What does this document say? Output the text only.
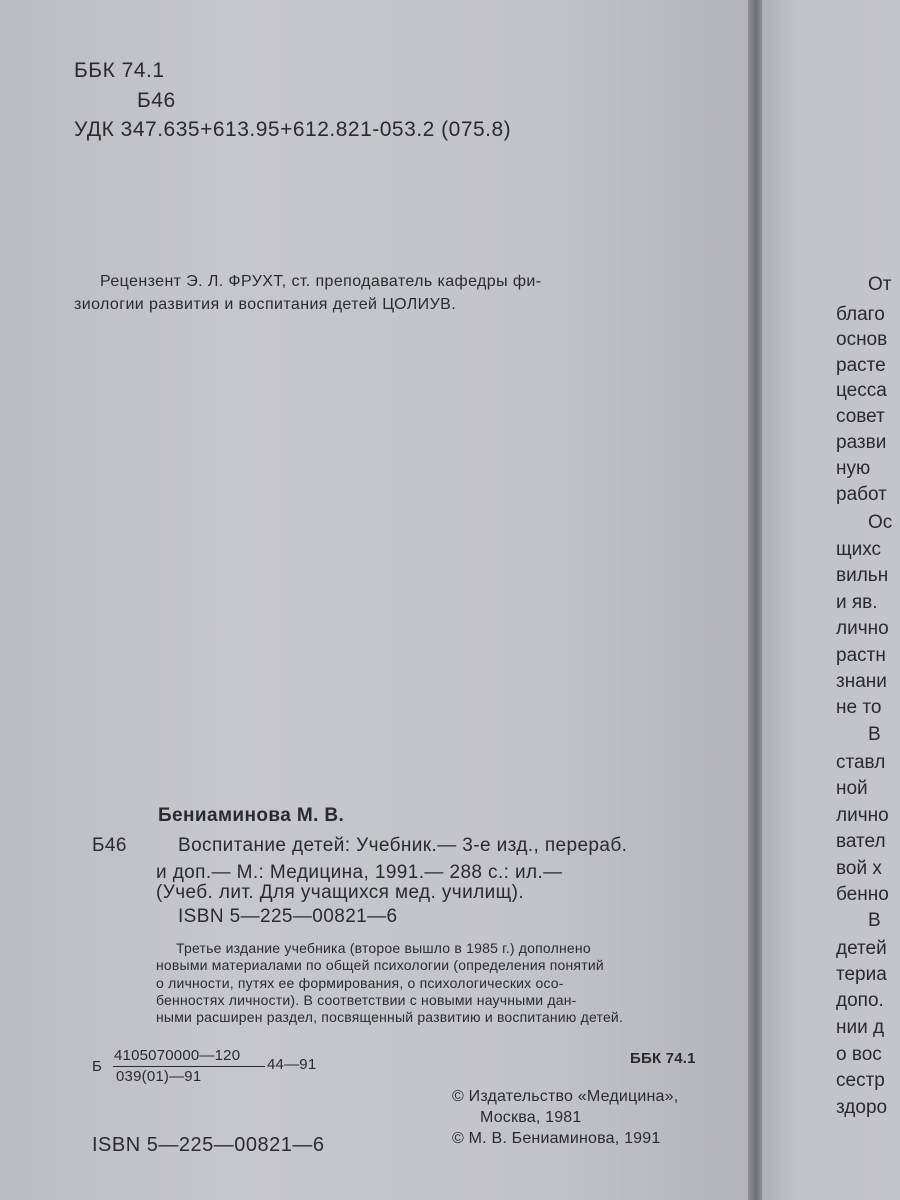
ББК 74.1
Б46
УДК 347.635+613.95+612.821-053.2 (075.8)
Рецензент Э. Л. ФРУХТ, ст. преподаватель кафедры фи-
зиологии развития и воспитания детей ЦОЛИУВ.
Бениаминова М. В.
Б46	Воспитание детей: Учебник.— 3-е изд., перераб.
и доп.— М.: Медицина, 1991.— 288 с.: ил.—
(Учеб. лит. Для учащихся мед. училищ).
ISBN 5—225—00821—6
Третье издание учебника (второе вышло в 1985 г.) дополнено
новыми материалами по общей психологии (определения понятий
о личности, путях ее формирования, о психологических осо-
бенностях личности). В соответствии с новыми научными дан-
ными расширен раздел, посвященный развитию и воспитанию детей.
Б
4105070000—120
039(01)—91
44—91	ББК 74.1
© Издательство «Медицина»,
Москва, 1981
© М. В. Бениаминова, 1991
ISBN 5—225—00821—6
От
благо
основ
расте
цесса
совет
разви
ную
работ
Ос
щихс
вильн
и яв.
лично
растн
знани
не то
В
ставл
ной
лично
вател
вой х
бенно
В
детей
териа
допо.
нии д
о вос
сестр
здоро
